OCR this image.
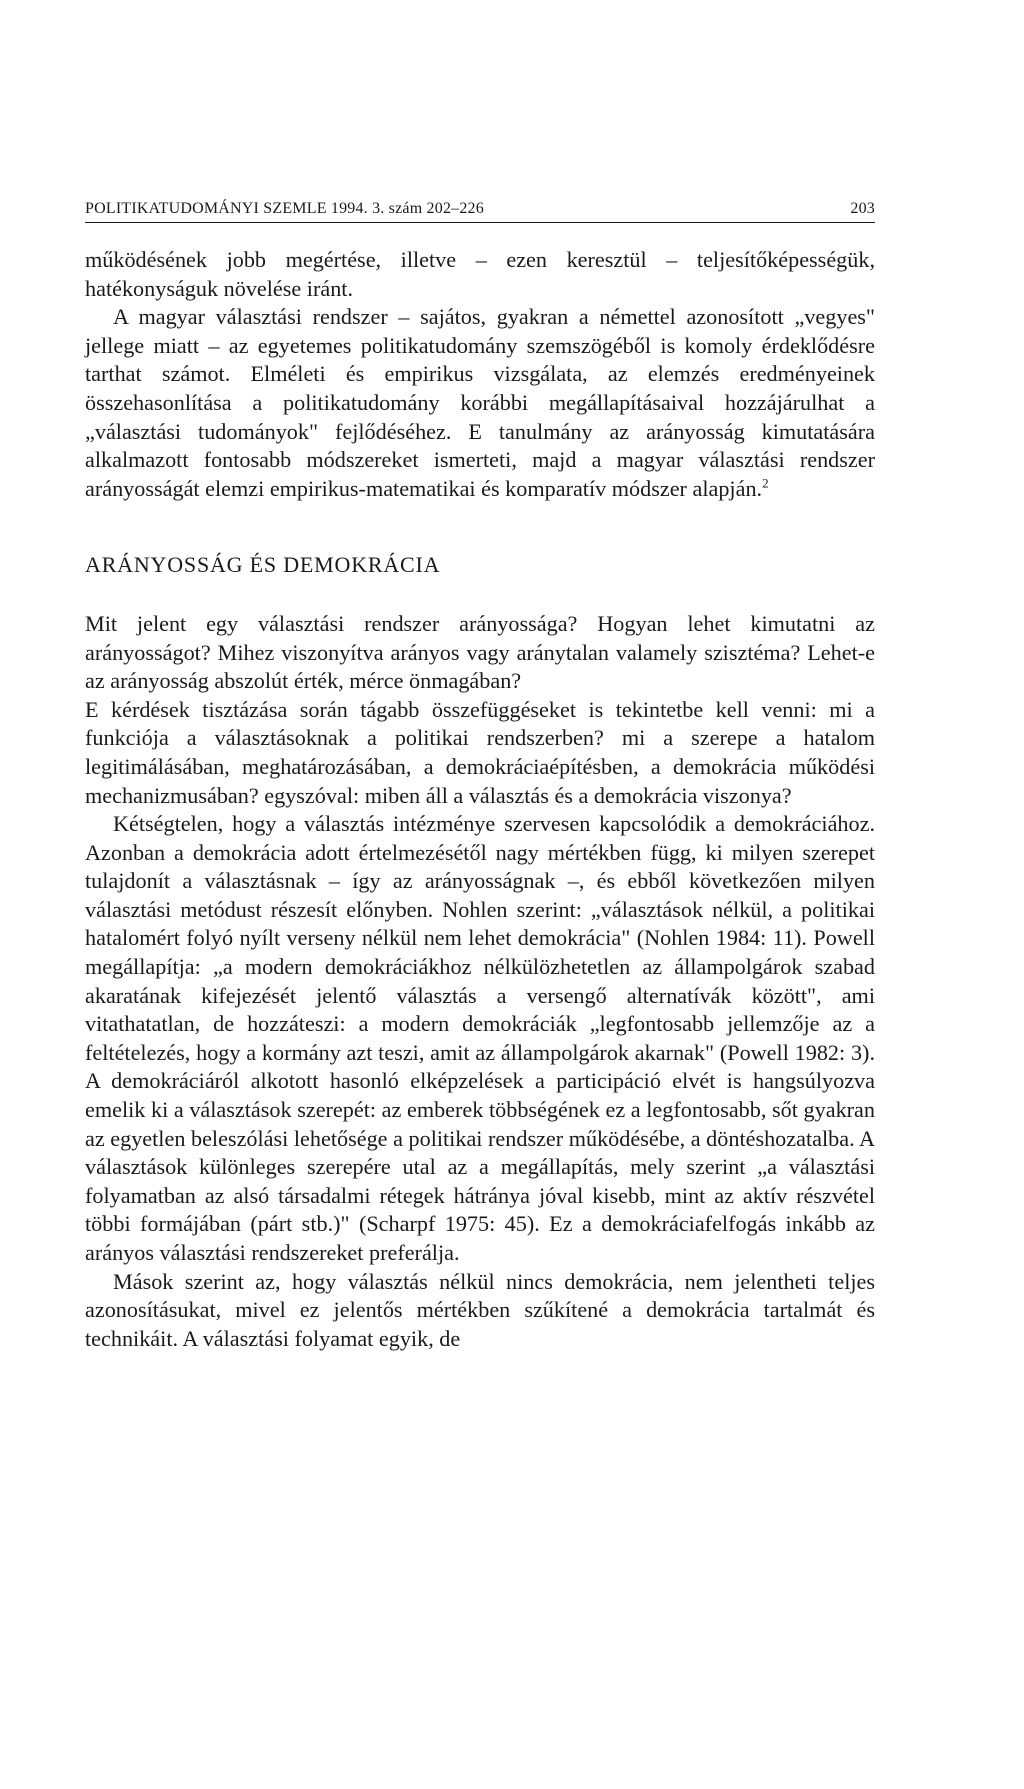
POLITIKATUDOMÁNYI SZEMLE 1994. 3. szám 202–226	203

működésének jobb megértése, illetve – ezen keresztül – teljesítőképességük, hatékonyságuk növelése iránt.

A magyar választási rendszer – sajátos, gyakran a némettel azonosított „vegyes" jellege miatt – az egyetemes politikatudomány szemszögéből is komoly érdeklődésre tarthat számot. Elméleti és empirikus vizsgálata, az elemzés eredményeinek összehasonlítása a politikatudomány korábbi megállapításaival hozzájárulhat a „választási tudományok" fejlődéséhez. E tanulmány az arányosság kimutatására alkalmazott fontosabb módszereket ismerteti, majd a magyar választási rendszer arányosságát elemzi empirikus-matematikai és komparatív módszer alapján.$^2$

ARÁNYOSSÁG ÉS DEMOKRÁCIA

Mit jelent egy választási rendszer arányossága? Hogyan lehet kimutatni az arányosságot? Mihez viszonyítva arányos vagy aránytalan valamely szisztéma? Lehet-e az arányosság abszolút érték, mérce önmagában?

E kérdések tisztázása során tágabb összefüggéseket is tekintetbe kell venni: mi a funkciója a választásoknak a politikai rendszerben? mi a szerepe a hatalom legitimálásában, meghatározásában, a demokráciaépítésben, a demokrácia működési mechanizmusában? egyszóval: miben áll a választás és a demokrácia viszonya?

Kétségtelen, hogy a választás intézménye szervesen kapcsolódik a demokráciához. Azonban a demokrácia adott értelmezésétől nagy mértékben függ, ki milyen szerepet tulajdonít a választásnak – így az arányosságnak –, és ebből következően milyen választási metódust részesít előnyben. Nohlen szerint: „választások nélkül, a politikai hatalomért folyó nyílt verseny nélkül nem lehet demokrácia" (Nohlen 1984: 11). Powell megállapítja: „a modern demokráciákhoz nélkülözhetetlen az állampolgárok szabad akaratának kifejezését jelentő választás a versengő alternatívák között", ami vitathatatlan, de hozzáteszi: a modern demokráciák „legfontosabb jellemzője az a feltételezés, hogy a kormány azt teszi, amit az állampolgárok akarnak" (Powell 1982: 3). A demokráciáról alkotott hasonló elképzelések a participáció elvét is hangsúlyozva emelik ki a választások szerepét: az emberek többségének ez a legfontosabb, sőt gyakran az egyetlen beleszólási lehetősége a politikai rendszer működésébe, a döntéshozatalba. A választások különleges szerepére utal az a megállapítás, mely szerint „a választási folyamatban az alsó társadalmi rétegek hátránya jóval kisebb, mint az aktív részvétel többi formájában (párt stb.)" (Scharpf 1975: 45). Ez a demokráciafelfogás inkább az arányos választási rendszereket preferálja.

Mások szerint az, hogy választás nélkül nincs demokrácia, nem jelentheti teljes azonosításukat, mivel ez jelentős mértékben szűkítené a demokrácia tartalmát és technikáit. A választási folyamat egyik, de
